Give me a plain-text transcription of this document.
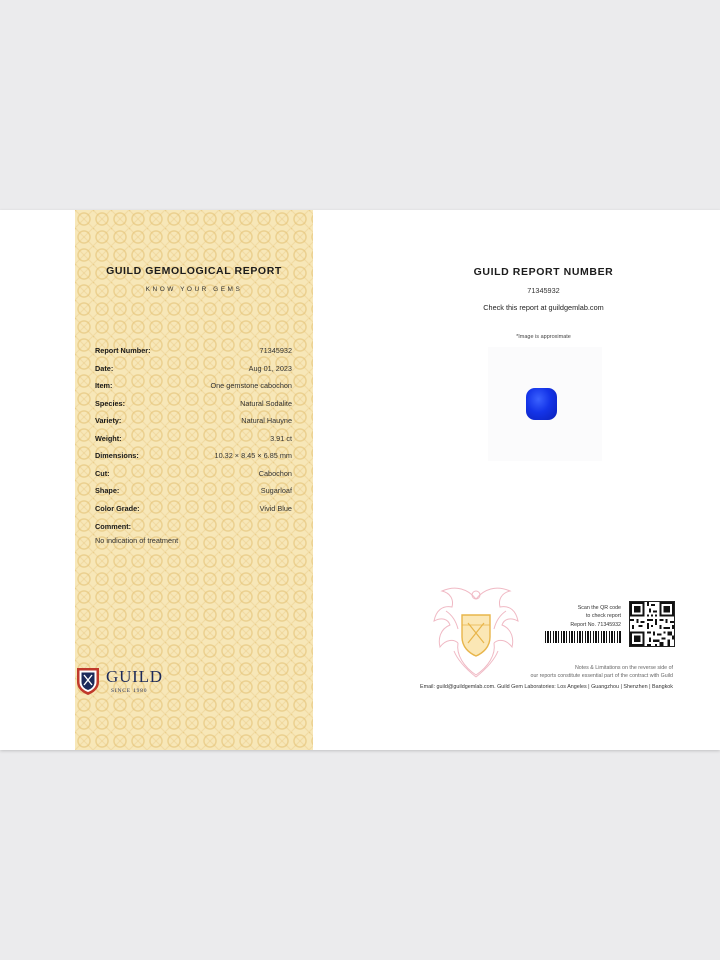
GUILD GEMOLOGICAL REPORT
KNOW YOUR GEMS
Report Number:	71345932
Date:	Aug 01, 2023
Item:	One gemstone cabochon
Species:	Natural Sodalite
Variety:	Natural Hauyne
Weight:	3.91 ct
Dimensions:	10.32 × 8.45 × 6.85 mm
Cut:	Cabochon
Shape:	Sugarloaf
Color Grade:	Vivid Blue
Comment:
No indication of treatment
GUILD
SINCE 1980
GUILD REPORT NUMBER
71345932
Check this report at guildgemlab.com
*Image is approximate
Scan the QR code
to check report
Report No. 71345932
Notes & Limitations on the reverse side of
our reports constitute essential part of the contract with Guild
Email: guild@guildgemlab.com. Guild Gem Laboratories: Los Angeles | Guangzhou | Shenzhen | Bangkok
